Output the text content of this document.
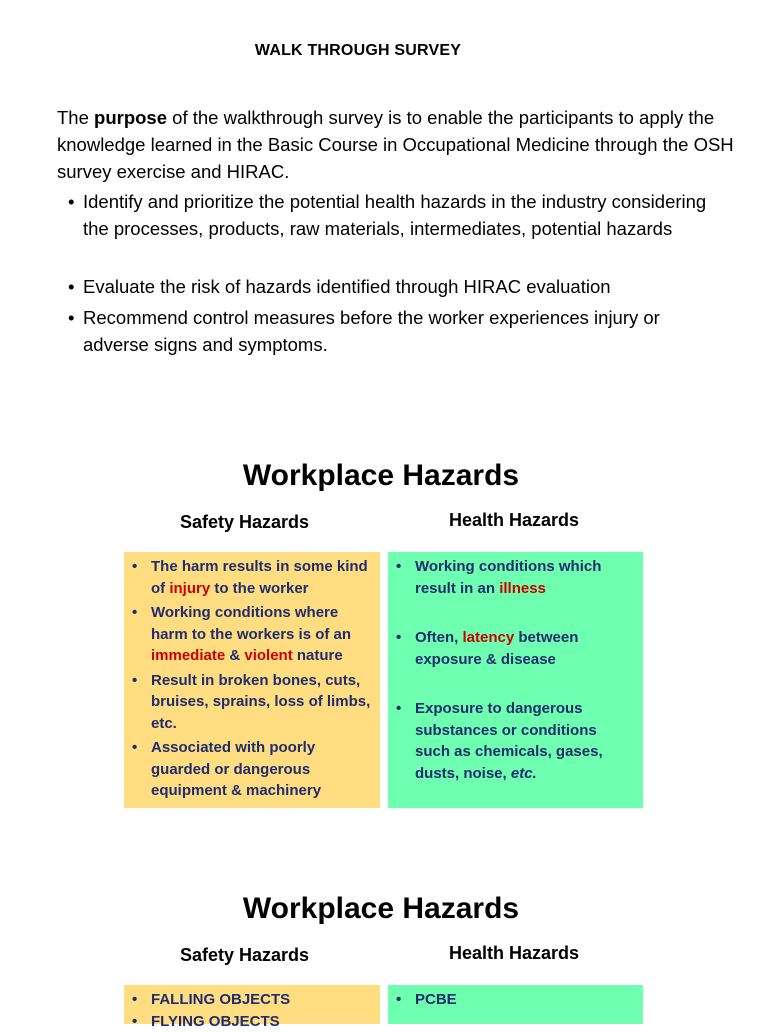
WALK THROUGH SURVEY
The purpose of the walkthrough survey is to enable the participants to apply the knowledge learned in the Basic Course in Occupational Medicine through the OSH survey exercise and HIRAC.
• Identify and prioritize the potential health hazards in the industry considering the processes, products, raw materials, intermediates, potential hazards
• Evaluate the risk of hazards identified through HIRAC evaluation
• Recommend control measures before the worker experiences injury or adverse signs and symptoms.
Workplace Hazards
Safety Hazards	Health Hazards
• The harm results in some kind of injury to the worker
• Working conditions where harm to the workers is of an immediate & violent nature
• Result in broken bones, cuts, bruises, sprains, loss of limbs, etc.
• Associated with poorly guarded or dangerous equipment & machinery
• Working conditions which result in an illness
• Often, latency between exposure & disease
• Exposure to dangerous substances or conditions such as chemicals, gases, dusts, noise, etc.
Workplace Hazards
Safety Hazards	Health Hazards
• FALLING OBJECTS
• FLYING OBJECTS
• PCBE
